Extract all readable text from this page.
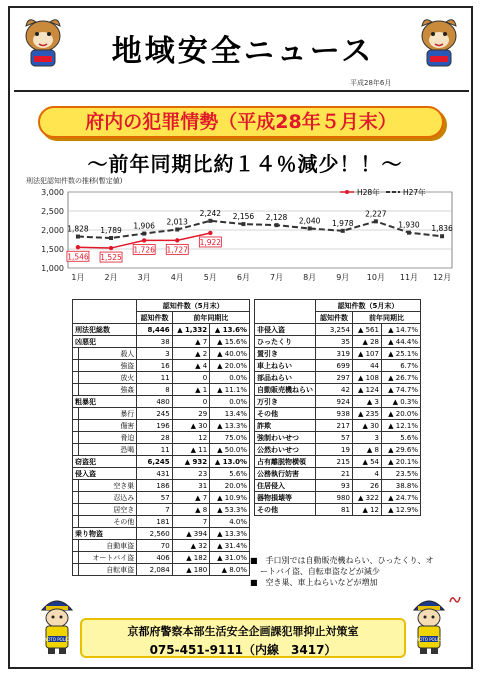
地域安全ニュース
平成28年6月
府内の犯罪情勢（平成28年５月末）
～前年同期比約１４％減少！！～
刑法犯認知件数の推移(暫定値)
1,000
1,500
2,000
2,500
3,000
1月	2月	3月	4月	5月	6月	7月	8月	9月 10月 11月 12月
1,828 1,789 1,906 2,013
2,242 2,156 2,128 2,040 1,978
2,227
1,930 1,836
1,546 1,525
1,726 1,727
1,922
H28年	H27年
		認知件数（5月末）		
		認知件数	前年同期比	
刑法犯総数		8,446	▲ 1,332	▲ 13.6%
凶悪犯		38	▲ 7	▲ 15.6%
	殺人	3	▲ 2	▲ 40.0%
	強盗	16	▲ 4	▲ 20.0%
	放火	11	0	0.0%
	強姦	8	▲ 1	▲ 11.1%
粗暴犯		480	0	0.0%
	暴行	245	29	13.4%
	傷害	196	▲ 30	▲ 13.3%
	脅迫	28	12	75.0%
	恐喝	11	▲ 11	▲ 50.0%
窃盗犯		6,245	▲ 932	▲ 13.0%
侵入盗		431	23	5.6%
	空き巣	186	31	20.0%
	忍込み	57	▲ 7	▲ 10.9%
	居空き	7	▲ 8	▲ 53.3%
	その他	181	7	4.0%
乗り物盗		2,560	▲ 394	▲ 13.3%
	自動車盗	70	▲ 32	▲ 31.4%
	オートバイ盗	406	▲ 182	▲ 31.0%
	自転車盗	2,084	▲ 180	▲ 8.0%
	認知件数（5月末）		
	認知件数	前年同期比	
非侵入盗	3,254	▲ 561	▲ 14.7%
ひったくり	35	▲ 28	▲ 44.4%
置引き	319	▲ 107	▲ 25.1%
車上ねらい	699	44	6.7%
部品ねらい	297	▲ 108	▲ 26.7%
自動販売機ねらい	42	▲ 124	▲ 74.7%
万引き	924	▲ 3	▲ 0.3%
その他	938	▲ 235	▲ 20.0%
詐欺	217	▲ 30	▲ 12.1%
強制わいせつ	57	3	5.6%
公然わいせつ	19	▲ 8	▲ 29.6%
占有離脱物横領	215	▲ 54	▲ 20.1%
公務執行妨害	21	4	23.5%
住居侵入	93	26	38.8%
器物損壊等	980	▲ 322	▲ 24.7%
その他	81	▲ 12	▲ 12.9%
■　手口別では自動販売機ねらい、ひったくり、オートバイ盗、自転車盗などが減少
■　空き巣、車上ねらいなどが増加
KYOTO POLICE	KYOTO POLICE
京都府警察本部生活安全企画課犯罪抑止対策室
075-451-9111（内線　3417）
